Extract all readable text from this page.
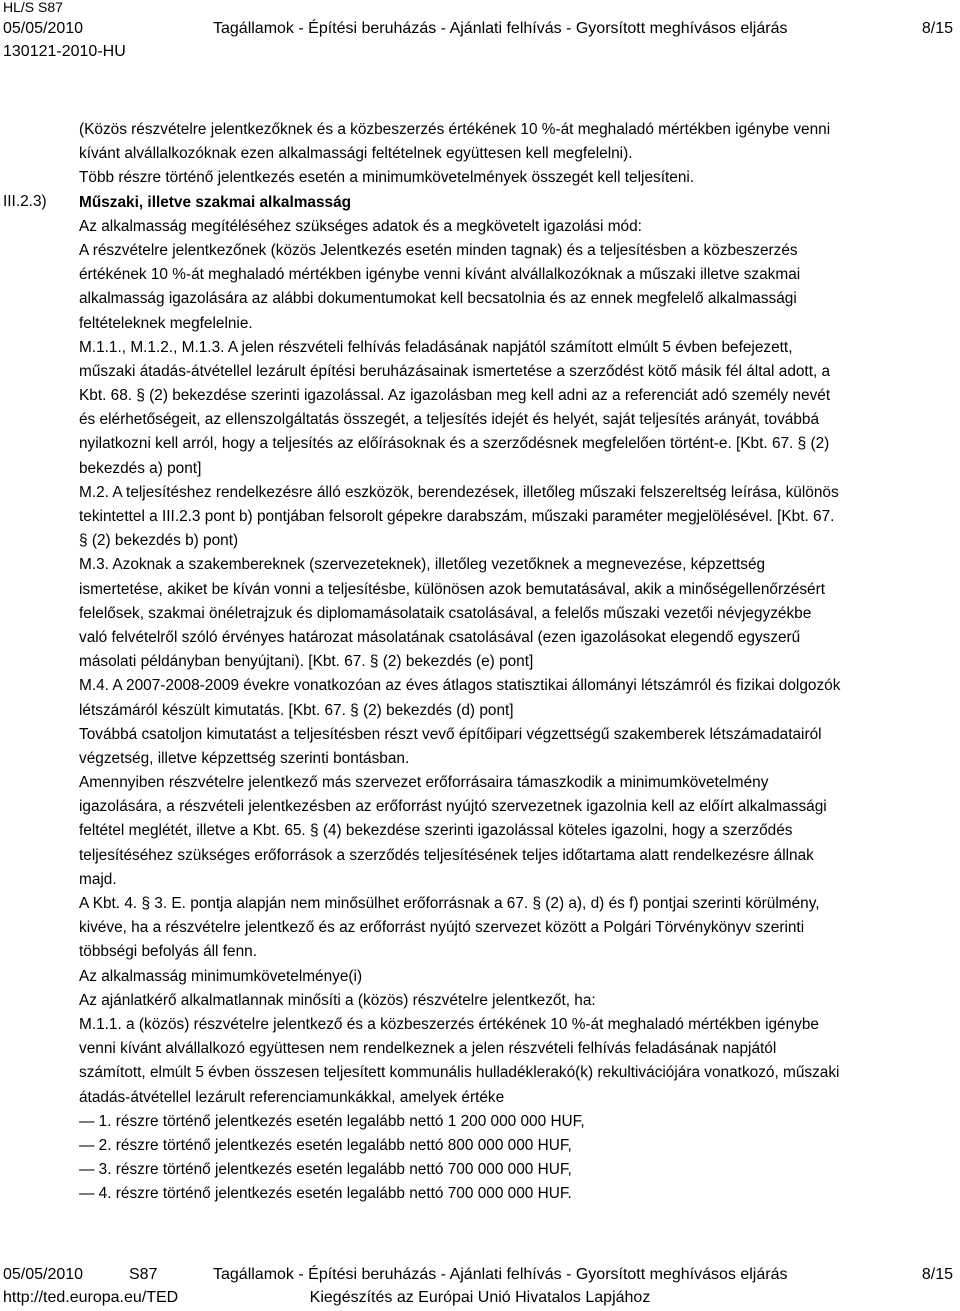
HL/S S87
05/05/2010	Tagállamok - Építési beruházás - Ajánlati felhívás - Gyorsított meghívásos eljárás	8/15
130121-2010-HU
III.2.3)
(Közös részvételre jelentkezőknek és a közbeszerzés értékének 10 %-át meghaladó mértékben igénybe venni
kívánt alvállalkozóknak ezen alkalmassági feltételnek együttesen kell megfelelni).
Több részre történő jelentkezés esetén a minimumkövetelmények összegét kell teljesíteni.
Műszaki, illetve szakmai alkalmasság
Az alkalmasság megítéléséhez szükséges adatok és a megkövetelt igazolási mód:
A részvételre jelentkezőnek (közös Jelentkezés esetén minden tagnak) és a teljesítésben a közbeszerzés
értékének 10 %-át meghaladó mértékben igénybe venni kívánt alvállalkozóknak a műszaki illetve szakmai
alkalmasság igazolására az alábbi dokumentumokat kell becsatolnia és az ennek megfelelő alkalmassági
feltételeknek megfelelnie.
M.1.1., M.1.2., M.1.3. A jelen részvételi felhívás feladásának napjától számított elmúlt 5 évben befejezett,
műszaki átadás-átvétellel lezárult építési beruházásainak ismertetése a szerződést kötő másik fél által adott, a
Kbt. 68. § (2) bekezdése szerinti igazolással. Az igazolásban meg kell adni az a referenciát adó személy nevét
és elérhetőségeit, az ellenszolgáltatás összegét, a teljesítés idejét és helyét, saját teljesítés arányát, továbbá
nyilatkozni kell arról, hogy a teljesítés az előírásoknak és a szerződésnek megfelelően történt-e. [Kbt. 67. § (2)
bekezdés a) pont]
M.2. A teljesítéshez rendelkezésre álló eszközök, berendezések, illetőleg műszaki felszereltség leírása, különös
tekintettel a III.2.3 pont b) pontjában felsorolt gépekre darabszám, műszaki paraméter megjelölésével. [Kbt. 67.
§ (2) bekezdés b) pont)
M.3. Azoknak a szakembereknek (szervezeteknek), illetőleg vezetőknek a megnevezése, képzettség
ismertetése, akiket be kíván vonni a teljesítésbe, különösen azok bemutatásával, akik a minőségellenőrzésért
felelősek, szakmai önéletrajzuk és diplomamásolataik csatolásával, a felelős műszaki vezetői névjegyzékbe
való felvételről szóló érvényes határozat másolatának csatolásával (ezen igazolásokat elegendő egyszerű
másolati példányban benyújtani). [Kbt. 67. § (2) bekezdés (e) pont]
M.4. A 2007-2008-2009 évekre vonatkozóan az éves átlagos statisztikai állományi létszámról és fizikai dolgozók
létszámáról készült kimutatás. [Kbt. 67. § (2) bekezdés (d) pont]
Továbbá csatoljon kimutatást a teljesítésben részt vevő építőipari végzettségű szakemberek létszámadatairól
végzetség, illetve képzettség szerinti bontásban.
Amennyiben részvételre jelentkező más szervezet erőforrásaira támaszkodik a minimumkövetelmény
igazolására, a részvételi jelentkezésben az erőforrást nyújtó szervezetnek igazolnia kell az előírt alkalmassági
feltétel meglétét, illetve a Kbt. 65. § (4) bekezdése szerinti igazolással köteles igazolni, hogy a szerződés
teljesítéséhez szükséges erőforrások a szerződés teljesítésének teljes időtartama alatt rendelkezésre állnak
majd.
A Kbt. 4. § 3. E. pontja alapján nem minősülhet erőforrásnak a 67. § (2) a), d) és f) pontjai szerinti körülmény,
kivéve, ha a részvételre jelentkező és az erőforrást nyújtó szervezet között a Polgári Törvénykönyv szerinti
többségi befolyás áll fenn.
Az alkalmasság minimumkövetelménye(i)
Az ajánlatkérő alkalmatlannak minősíti a (közös) részvételre jelentkezőt, ha:
M.1.1. a (közös) részvételre jelentkező és a közbeszerzés értékének 10 %-át meghaladó mértékben igénybe
venni kívánt alvállalkozó együttesen nem rendelkeznek a jelen részvételi felhívás feladásának napjától
számított, elmúlt 5 évben összesen teljesített kommunális hulladéklerakó(k) rekultivációjára vonatkozó, műszaki
átadás-átvétellel lezárult referenciamunkákkal, amelyek értéke
— 1. részre történő jelentkezés esetén legalább nettó 1 200 000 000 HUF,
— 2. részre történő jelentkezés esetén legalább nettó 800 000 000 HUF,
— 3. részre történő jelentkezés esetén legalább nettó 700 000 000 HUF,
— 4. részre történő jelentkezés esetén legalább nettó 700 000 000 HUF.
05/05/2010	S87	Tagállamok - Építési beruházás - Ajánlati felhívás - Gyorsított meghívásos eljárás	8/15
http://ted.europa.eu/TED	Kiegészítés az Európai Unió Hivatalos Lapjához
